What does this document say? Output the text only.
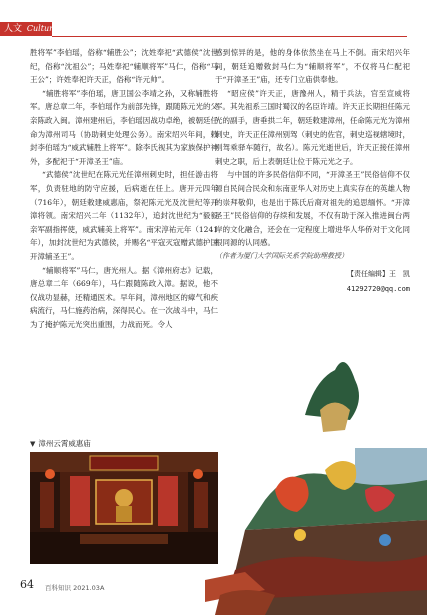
人文 Culture

胜将军”李伯瑶，俗称“辅胜公”；沈姓奉祀“武德侯”沈世纪，俗称“沈祖公”；马姓奉祀“辅顺将军”马仁，俗称“马王公”；许姓奉祀许天正，俗称“许元帅”。

“辅胜将军”李伯瑶，唐卫国公李靖之孙，又称辅胜将军。唐总章二年，李伯瑶作为前部先锋，跟随陈元光的父亲陈政入闽。漳州建州后，李伯瑶因战功卓绝，被朝廷任命为漳州司马（协助刺史处理公务）。南宋绍兴年间，敕封李伯瑶为“威武辅胜上将军”。除李氏视其为家族保护神外，多配祀于“开漳圣王”庙。

“武德侯”沈世纪在陈元光任漳州刺史时，担任游击将军，负责驻地的防守应援，后病逝在任上。唐开元四年（716年），朝廷敕建威惠庙，祭祀陈元光及沈世纪等开漳将领。南宋绍兴二年（1132年），追封沈世纪为“毅毅亲军副指挥使，威武辅美上将军”。南宋淳祐元年（1241年），加封沈世纪为武德侯，并赐名“平寇灭寇赠武德护国开漳辅圣王”。

“辅顺将军”马仁，唐光州人。据《漳州府志》记载，唐总章二年（669年），马仁跟随陈政入漳。据说，他不仅战功显赫，还精通医术。早年间，漳州地区的瘴气和疾病流行，马仁施药治病，深得民心。在一次战斗中，马仁为了掩护陈元光突出重围，力战而死。令人

感到惊异的是，他的身体依然坐在马上不倒。南宋绍兴年间，朝廷追赠敕封马仁为“辅顺将军”，不仅将马仁配祀于“开漳圣王”庙，还专门立庙供奉他。

“昭应侯”许天正，唐豫州人，精于兵法，官至宣威将军。其先祖系三国时蜀汉的名臣许靖。许天正长期担任陈元光的副手，唐垂拱二年，朝廷敕建漳州，任命陈元光为漳州刺史，许天正任漳州别驾（刺史的佐官，刺史巡视辖境时，别驾乘驿车随行，故名）。陈元光逝世后，许天正接任漳州刺史之职，后上表朝廷让位于陈元光之子。

与中国的许多民俗信仰不同，“开漳圣王”民俗信仰不仅源自民间合民众和东南亚华人对历史上真实存在的英雄人物的崇拜敬仰，也是出于陈氏后裔对祖先的追思缅怀。“开漳圣王”民俗信仰的存续和发展，不仅有助于深入推进闽台两岸的文化融合，还会在一定程度上增进华人华侨对于文化同根同源的认同感。

（作者为厦门大学国际关系学院助理教授）

【责任编辑】王　凯
41292720@qq.com
▼ 漳州云霄威惠庙
64 百科知识 2021.03A
